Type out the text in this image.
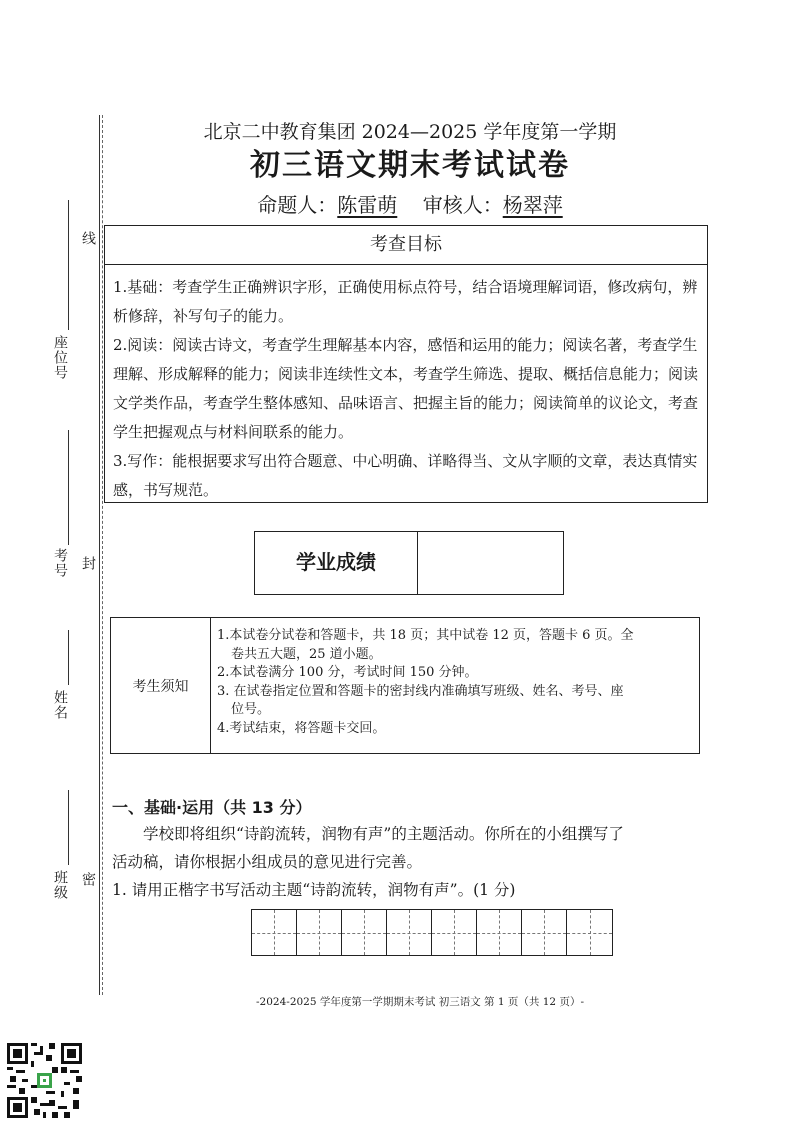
线
座位号
考号 封
姓名
班级 密
北京二中教育集团 2024—2025 学年度第一学期
初三语文期末考试试卷
命题人：陈雷萌 审核人：杨翠萍
考查目标

1.基础：考查学生正确辨识字形，正确使用标点符号，结合语境理解词语，修改病句，辨析修辞，补写句子的能力。

2.阅读：阅读古诗文，考查学生理解基本内容，感悟和运用的能力；阅读名著，考查学生理解、形成解释的能力；阅读非连续性文本，考查学生筛选、提取、概括信息能力；阅读文学类作品，考查学生整体感知、品味语言、把握主旨的能力；阅读简单的议论文，考查学生把握观点与材料间联系的能力。

3.写作：能根据要求写出符合题意、中心明确、详略得当、文从字顺的文章，表达真情实感，书写规范。

学业成绩
考生须知

1.本试卷分试卷和答题卡，共 18 页；其中试卷 12 页，答题卡 6 页。全

卷共五大题，25 道小题。

2.本试卷满分 100 分，考试时间 150 分钟。

3. 在试卷指定位置和答题卡的密封线内准确填写班级、姓名、考号、座

位号。

4.考试结束，将答题卡交回。

一、基础·运用（共 13 分）
学校即将组织“诗韵流转，润物有声”的主题活动。你所在的小组撰写了
活动稿，请你根据小组成员的意见进行完善。
1. 请用正楷字书写活动主题“诗韵流转，润物有声”。(1 分)
-2024-2025 学年度第一学期期末考试 初三语文 第 1 页（共 12 页）-
